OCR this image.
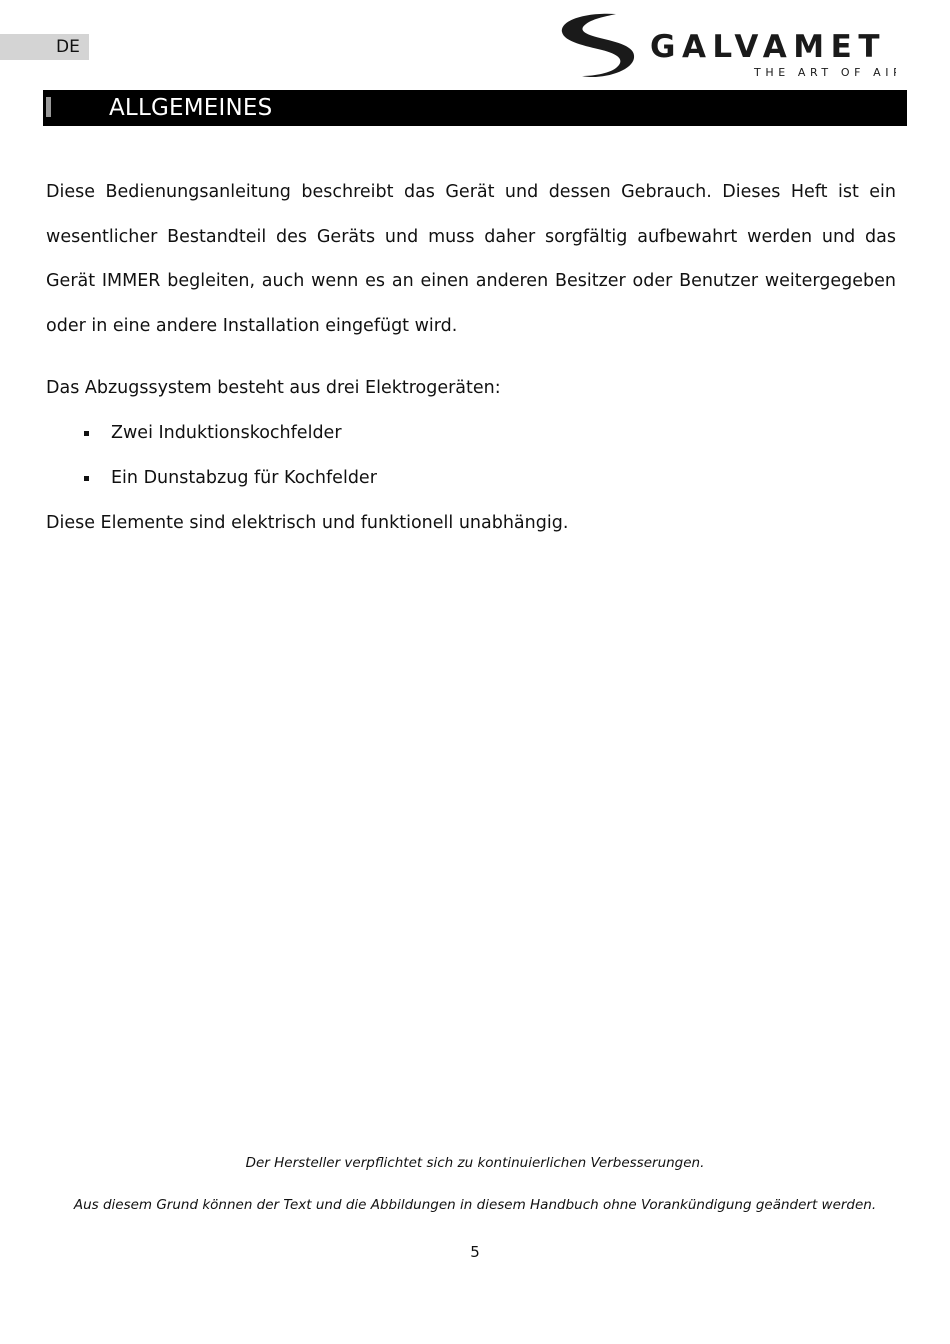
DE	GALVAMET
THE ART OF AIR
ALLGEMEINES

Diese Bedienungsanleitung beschreibt das Gerät und dessen Gebrauch. Dieses Heft ist ein wesentlicher Bestandteil des Geräts und muss daher sorgfältig aufbewahrt werden und das Gerät IMMER begleiten, auch wenn es an einen anderen Besitzer oder Benutzer weitergegeben oder in eine andere Installation eingefügt wird.

Das Abzugssystem besteht aus drei Elektrogeräten:

Zwei Induktionskochfelder
Ein Dunstabzug für Kochfelder

Diese Elemente sind elektrisch und funktionell unabhängig.

Der Hersteller verpflichtet sich zu kontinuierlichen Verbesserungen.
Aus diesem Grund können der Text und die Abbildungen in diesem Handbuch ohne Vorankündigung geändert werden.
5
